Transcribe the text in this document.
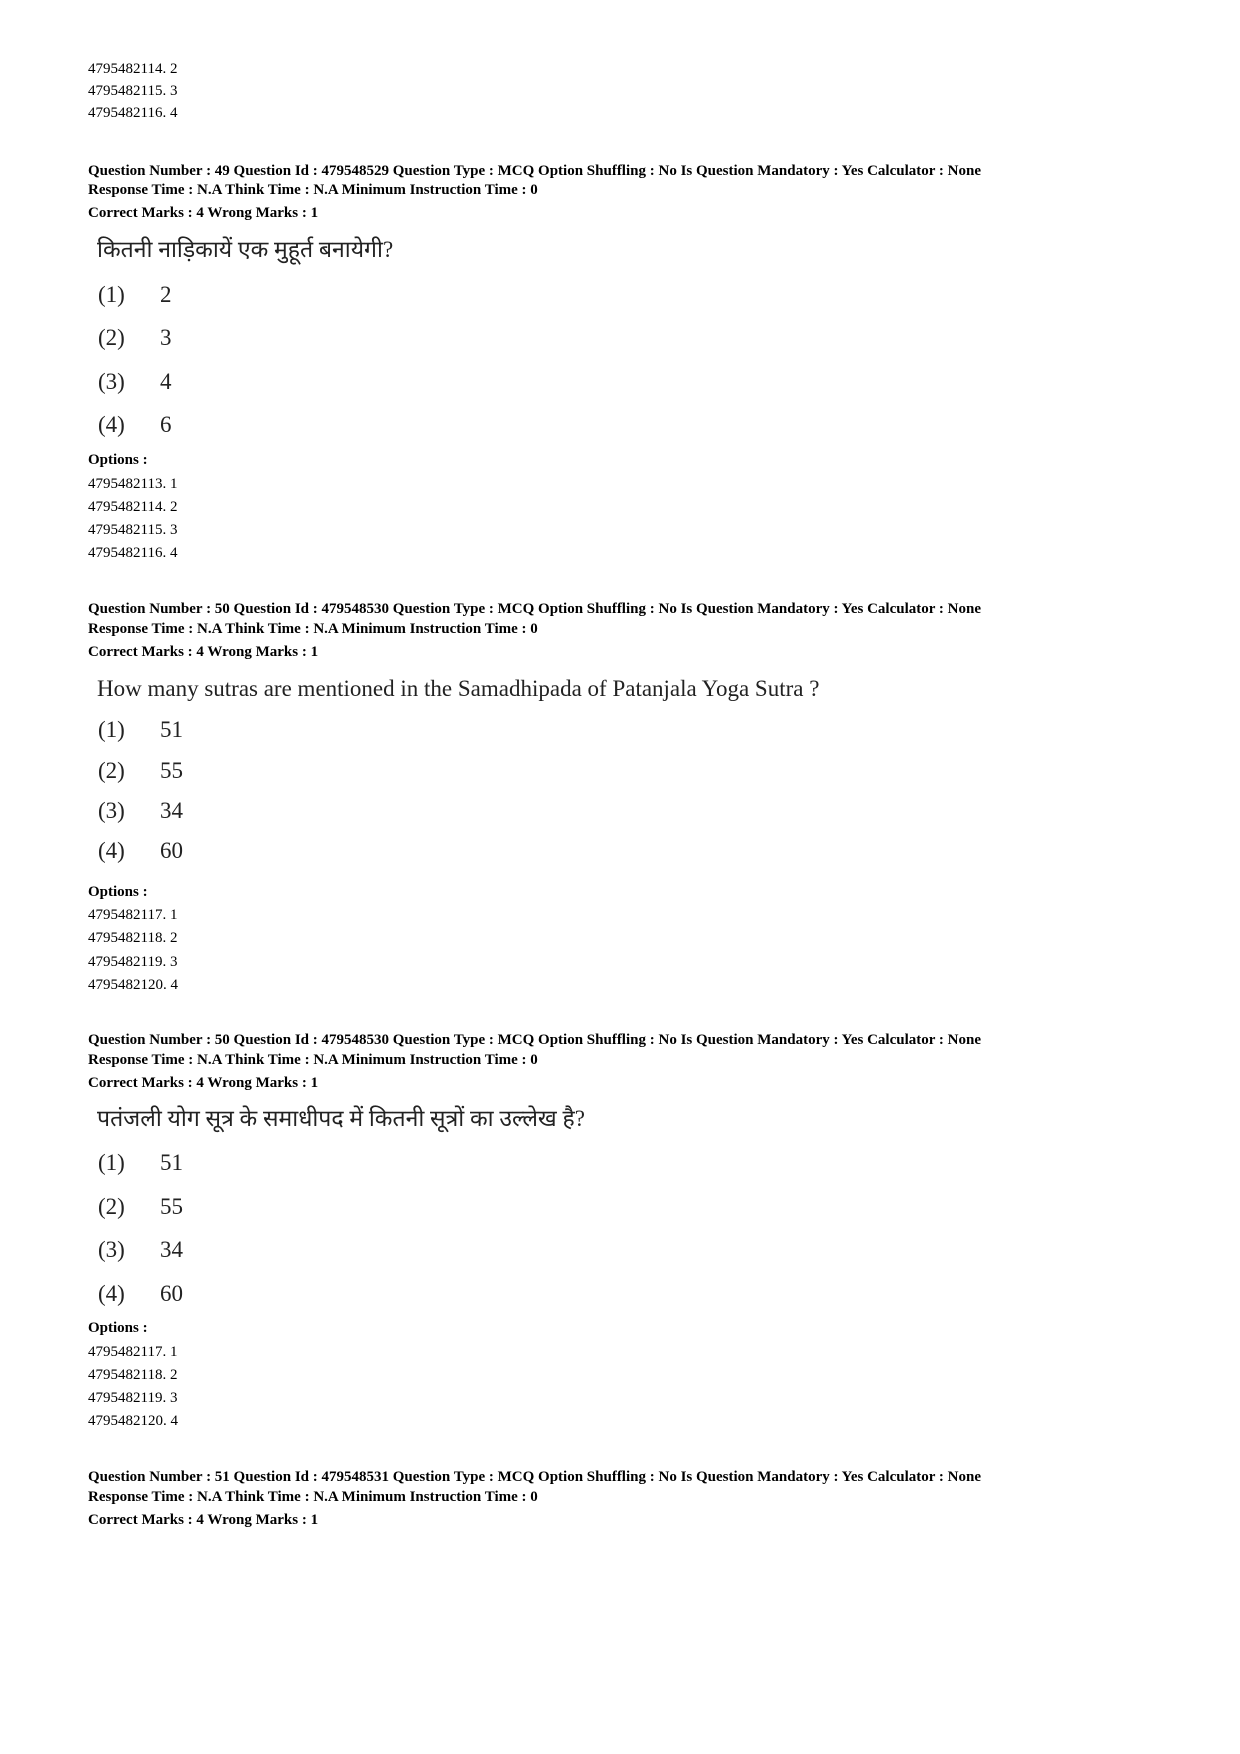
4795482114. 2
4795482115. 3
4795482116. 4
Question Number : 49 Question Id : 479548529 Question Type : MCQ Option Shuffling : No Is Question Mandatory : Yes Calculator : None
Response Time : N.A Think Time : N.A Minimum Instruction Time : 0
Correct Marks : 4 Wrong Marks : 1
कितनी नाड़िकायें एक मुहूर्त बनायेगी?
(1) 2
(2) 3
(3) 4
(4) 6
Options :
4795482113. 1
4795482114. 2
4795482115. 3
4795482116. 4
Question Number : 50 Question Id : 479548530 Question Type : MCQ Option Shuffling : No Is Question Mandatory : Yes Calculator : None
Response Time : N.A Think Time : N.A Minimum Instruction Time : 0
Correct Marks : 4 Wrong Marks : 1
How many sutras are mentioned in the Samadhipada of Patanjala Yoga Sutra ?
(1) 51
(2) 55
(3) 34
(4) 60
Options :
4795482117. 1
4795482118. 2
4795482119. 3
4795482120. 4
Question Number : 50 Question Id : 479548530 Question Type : MCQ Option Shuffling : No Is Question Mandatory : Yes Calculator : None
Response Time : N.A Think Time : N.A Minimum Instruction Time : 0
Correct Marks : 4 Wrong Marks : 1
पतंजली योग सूत्र के समाधीपद में कितनी सूत्रों का उल्लेख है?
(1) 51
(2) 55
(3) 34
(4) 60
Options :
4795482117. 1
4795482118. 2
4795482119. 3
4795482120. 4
Question Number : 51 Question Id : 479548531 Question Type : MCQ Option Shuffling : No Is Question Mandatory : Yes Calculator : None
Response Time : N.A Think Time : N.A Minimum Instruction Time : 0
Correct Marks : 4 Wrong Marks : 1
